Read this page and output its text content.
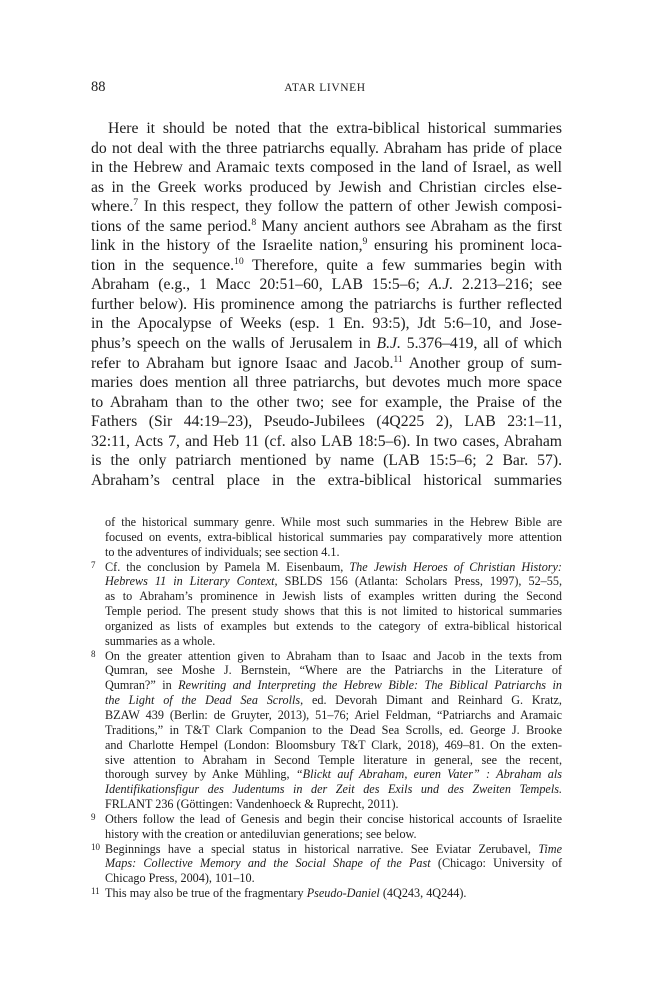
88	ATAR LIVNEH
Here it should be noted that the extra-biblical historical summaries
do not deal with the three patriarchs equally. Abraham has pride of place
in the Hebrew and Aramaic texts composed in the land of Israel, as well
as in the Greek works produced by Jewish and Christian circles else-
where.$^7$ In this respect, they follow the pattern of other Jewish composi-
tions of the same period.$^8$ Many ancient authors see Abraham as the first
link in the history of the Israelite nation,$^9$ ensuring his prominent loca-
tion in the sequence.$^{10}$ Therefore, quite a few summaries begin with
Abraham (e.g., 1 Macc 20:51–60, LAB 15:5–6; A.J. 2.213–216; see
further below). His prominence among the patriarchs is further reflected
in the Apocalypse of Weeks (esp. 1 En. 93:5), Jdt 5:6–10, and Jose-
phus’s speech on the walls of Jerusalem in B.J. 5.376–419, all of which
refer to Abraham but ignore Isaac and Jacob.$^{11}$ Another group of sum-
maries does mention all three patriarchs, but devotes much more space
to Abraham than to the other two; see for example, the Praise of the
Fathers (Sir 44:19–23), Pseudo-Jubilees (4Q225 2), LAB 23:1–11,
32:11, Acts 7, and Heb 11 (cf. also LAB 18:5–6). In two cases, Abraham
is the only patriarch mentioned by name (LAB 15:5–6; 2 Bar. 57).
Abraham’s central place in the extra-biblical historical summaries
of the historical summary genre. While most such summaries in the Hebrew Bible are
focused on events, extra-biblical historical summaries pay comparatively more attention
to the adventures of individuals; see section 4.1.
7 Cf. the conclusion by Pamela M. Eisenbaum, The Jewish Heroes of Christian History:
Hebrews 11 in Literary Context, SBLDS 156 (Atlanta: Scholars Press, 1997), 52–55,
as to Abraham’s prominence in Jewish lists of examples written during the Second
Temple period. The present study shows that this is not limited to historical summaries
organized as lists of examples but extends to the category of extra-biblical historical
summaries as a whole.
8 On the greater attention given to Abraham than to Isaac and Jacob in the texts from
Qumran, see Moshe J. Bernstein, “Where are the Patriarchs in the Literature of
Qumran?” in Rewriting and Interpreting the Hebrew Bible: The Biblical Patriarchs in
the Light of the Dead Sea Scrolls, ed. Devorah Dimant and Reinhard G. Kratz,
BZAW 439 (Berlin: de Gruyter, 2013), 51–76; Ariel Feldman, “Patriarchs and Aramaic
Traditions,” in T&T Clark Companion to the Dead Sea Scrolls, ed. George J. Brooke
and Charlotte Hempel (London: Bloomsbury T&T Clark, 2018), 469–81. On the exten-
sive attention to Abraham in Second Temple literature in general, see the recent,
thorough survey by Anke Mühling, “Blickt auf Abraham, euren Vater” : Abraham als
Identifikationsfigur des Judentums in der Zeit des Exils und des Zweiten Tempels.
FRLANT 236 (Göttingen: Vandenhoeck & Ruprecht, 2011).
9 Others follow the lead of Genesis and begin their concise historical accounts of Israelite
history with the creation or antediluvian generations; see below.
10 Beginnings have a special status in historical narrative. See Eviatar Zerubavel, Time
Maps: Collective Memory and the Social Shape of the Past (Chicago: University of
Chicago Press, 2004), 101–10.
11 This may also be true of the fragmentary Pseudo-Daniel (4Q243, 4Q244).
